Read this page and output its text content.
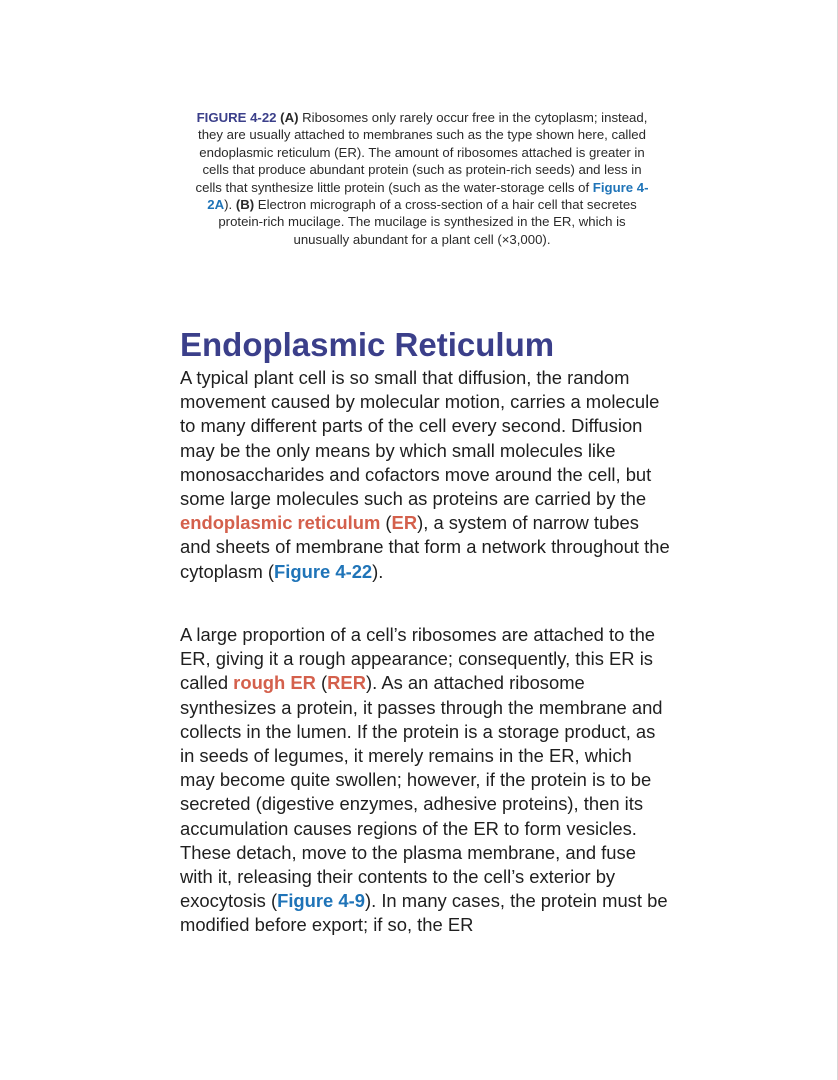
FIGURE 4-22 (A) Ribosomes only rarely occur free in the cytoplasm; instead, they are usually attached to membranes such as the type shown here, called endoplasmic reticulum (ER). The amount of ribosomes attached is greater in cells that produce abundant protein (such as protein-rich seeds) and less in cells that synthesize little protein (such as the water-storage cells of Figure 4-2A). (B) Electron micrograph of a cross-section of a hair cell that secretes protein-rich mucilage. The mucilage is synthesized in the ER, which is unusually abundant for a plant cell (×3,000).
Endoplasmic Reticulum

A typical plant cell is so small that diffusion, the random movement caused by molecular motion, carries a molecule to many different parts of the cell every second. Diffusion may be the only means by which small molecules like monosaccharides and cofactors move around the cell, but some large molecules such as proteins are carried by the endoplasmic reticulum (ER), a system of narrow tubes and sheets of membrane that form a network throughout the cytoplasm (Figure 4-22).

A large proportion of a cell’s ribosomes are attached to the ER, giving it a rough appearance; consequently, this ER is called rough ER (RER). As an attached ribosome synthesizes a protein, it passes through the membrane and collects in the lumen. If the protein is a storage product, as in seeds of legumes, it merely remains in the ER, which may become quite swollen; however, if the protein is to be secreted (digestive enzymes, adhesive proteins), then its accumulation causes regions of the ER to form vesicles. These detach, move to the plasma membrane, and fuse with it, releasing their contents to the cell’s exterior by exocytosis (Figure 4-9). In many cases, the protein must be modified before export; if so, the ER
